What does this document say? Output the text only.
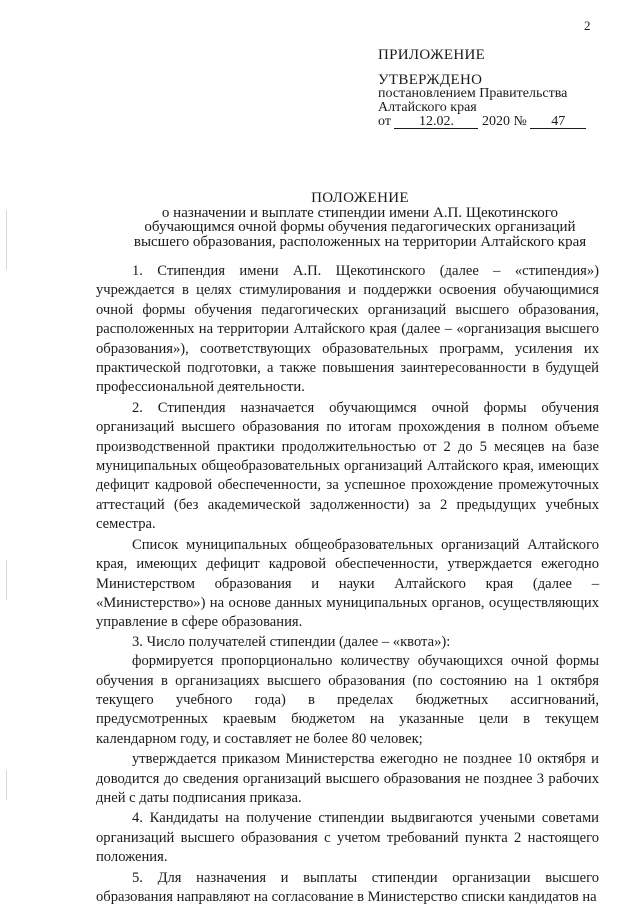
2
ПРИЛОЖЕНИЕ
УТВЕРЖДЕНО
постановлением Правительства
Алтайского края
от 12.02. 2020 № 47
ПОЛОЖЕНИЕ
о назначении и выплате стипендии имени А.П. Щекотинского
обучающимся очной формы обучения педагогических организаций
высшего образования, расположенных на территории Алтайского края

1. Стипендия имени А.П. Щекотинского (далее – «стипендия») учреждается в целях стимулирования и поддержки освоения обучающимися очной формы обучения педагогических организаций высшего образования, расположенных на территории Алтайского края (далее – «организация высшего образования»), соответствующих образовательных программ, усиления их практической подготовки, а также повышения заинтересованности в будущей профессиональной деятельности.

2. Стипендия назначается обучающимся очной формы обучения организаций высшего образования по итогам прохождения в полном объеме производственной практики продолжительностью от 2 до 5 месяцев на базе муниципальных общеобразовательных организаций Алтайского края, имеющих дефицит кадровой обеспеченности, за успешное прохождение промежуточных аттестаций (без академической задолженности) за 2 предыдущих учебных семестра.

Список муниципальных общеобразовательных организаций Алтайского края, имеющих дефицит кадровой обеспеченности, утверждается ежегодно Министерством образования и науки Алтайского края (далее – «Министерство») на основе данных муниципальных органов, осуществляющих управление в сфере образования.

3. Число получателей стипендии (далее – «квота»):

формируется пропорционально количеству обучающихся очной формы обучения в организациях высшего образования (по состоянию на 1 октября текущего учебного года) в пределах бюджетных ассигнований, предусмотренных краевым бюджетом на указанные цели в текущем календарном году, и составляет не более 80 человек;

утверждается приказом Министерства ежегодно не позднее 10 октября и доводится до сведения организаций высшего образования не позднее 3 рабочих дней с даты подписания приказа.

4. Кандидаты на получение стипендии выдвигаются учеными советами организаций высшего образования с учетом требований пункта 2 настоящего положения.

5. Для назначения и выплаты стипендии организации высшего образования направляют на согласование в Министерство списки кандидатов на
